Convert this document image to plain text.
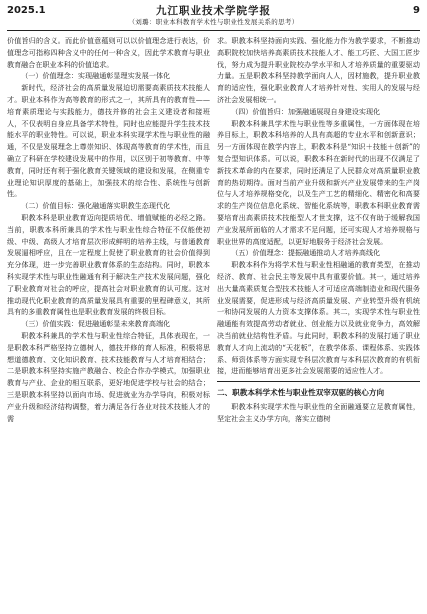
2025.1	九江职业技术学院学报
（刘璐：职业本科教育学术性与职业性发展关系的思考）
9

价值旨归的含义。而此价值意蕴则可以以价值理念进行表达，价值理念可指称四种含义中的任何一种含义，因此学术教育与职业教育融合在职业本科的价值追求。

（一）价值理念：实现融通彰显理实发展一体化

新时代，经济社会的高质量发展迫切需要高素质技术技能人才。职业本科作为高等教育的形式之一，其所具有的教育性——培育素质理论与实践能力，德技并修的社会主义建设者和接班人，不仅表明自身应具备学术特性，同时也应能提升学生技术技能水平的职业特性。可以说，职业本科实现学术性与职业性的融通，不仅是发展理念上尊崇知识、体现高等教育的学术性，而且确立了科研在学校建设发展中的作用，以区别于初等教育、中等教育，同时还有利于强化教育关键领域的建设和发展，在侧重专业理论知识厚度的基础上，加强技术的综合性、系统性与创新性。

（二）价值目标：强化融通落实职教生态现代化

职教本科是职业教育迈向提质培优、增值赋能的必经之路。当前，职教本科所兼具的学术性与职业性综合特征不仅能使初级、中级、高级人才培育层次形成鲜明的培养主线，与普通教育发展逼相呼应，且在一定程度上促使了职业教育的社会价值得到充分体现，进一步完善职业教育体系的生态结构。同时，职教本科实现学术性与职业性融通有利于解决生产技术发展问题，强化了职业教育对社会的呼应，提高社会对职业教育的认可度。这对推动现代化职业教育的高质量发展具有重要的里程碑意义，其所具有的多重教育属性也是职业教育发展的终极目标。

（三）价值实践：促进融通彰显未来教育高端化

职教本科兼具的学术性与职业性综合特征，具体表现在，一是职教本科严格坚持立德树人，德技并修的育人标准，积极将思想道德教育、文化知识教育、技术技能教育与人才培育相结合；二是职教本科坚持实施产教融合、校企合作办学模式，加强职业教育与产业、企业的相互联系，更好地促进学校与社会的结合；三是职教本科坚持以面向市场、促进就业为办学导向，积极对标产业升级和经济结构调整，着力满足各行各业对技术技能人才的需

求。职教本科坚持面向实践、强化能力作为教学要求，不断推动高职院校加快培养高素质技术技能人才、能工巧匠、大国工匠步伐，努力成为提升职业院校办学水平和人才培养质量的重要驱动力量。五是职教本科坚持教学面向人人，因材施教，提升职业教育的适应性，强化职业教育人才培养针对性、实用人的发展与经济社会发展相统一。

（四）价值旨归：加强融通展现自身建设实现化

职教本科兼具学术性与职业性等多重属性，一方面体现在培养目标上，职教本科培养的人具有高超的专业水平和创新意识；另一方面体现在教学内容上，职教本科是“知识＋技能＋创新”的复合型知识体系。可以说，职教本科在新时代的出现不仅满足了新技术革命的内在要求，同时还满足了人民群众对高质量职业教育的热切期待。面对当前产业升级和新兴产业发展带来的生产岗位与人才培养规格变化，以及生产工艺的精细化、精密化和高要求的生产岗位信息化系统、智能化系统等，职教本科职业教育需要培育出高素质技术技能型人才世支撑，这不仅有助于缓解我国产业发展所面临的人才需求不足问题，还可实现人才培养规格与职业世界的高度适配，以更好地服务于经济社会发展。

（五）价值理念：提振融通推动人才培养高线化

职教本科作为将学术性与职业性相融通的教育类型，在推动经济、教育、社会民主等发展中具有重要价值。其一，通过培养出大量高素质复合型技术技能人才可适应高端制造业和现代服务业发展需要，促进形成与经济高质量发展、产业转型升级有机统一和协同发展的人力资本支撑体系。其二，实现学术性与职业性融通能有效提高劳动者就业、创业能力以及就业竞争力，高效解决当前就业结构性矛盾。与此同时，职教本科的发展打通了职业教育人才向上流动的“天花板”，在教学体系、课程体系、实践体系、师资体系等方面实现专科层次教育与本科层次教育的有机衔接，进而能够培育出更多社会发展需要的适应性人才。

二、职教本科学术性与职业性双宰双驱的核心方向

职教本科实现学术性与职业性的全面融通要立足教育属性，坚定社会主义办学方向，落实立德树
